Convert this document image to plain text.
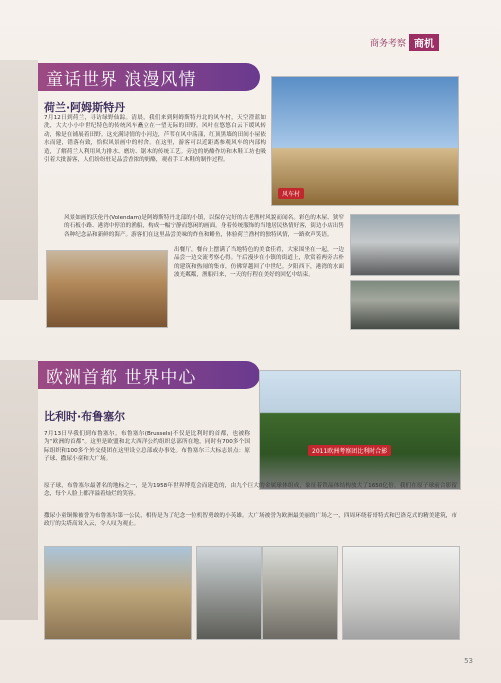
商务考察 商机
童话世界 浪漫风情
风车村
荷兰·阿姆斯特丹
7月12日到荷兰，寻访绿野仙踪。清晨，我们来到阿姆斯特丹北的风车村，天空澄蓝如洗，大大小小中世纪特色的传统风车矗立在一望无际的田野。风叶在悠悠白云下缓风转动，像是在铺展着田野。这充满诗情的小河边，芦苇在风中荡漾，红顶黑墙的田间小屋依水而建，错落有致，恰似风景画中的村舍。在这里，游客可以近距离参观风车的内部构造，了解荷兰人利用风力排水、磨坊、锯木的传统工艺。旁边的奶酪作坊和木鞋工坊也吸引着大批游客，人们纷纷驻足品尝香浓的奶酪，观看手工木鞋的制作过程。
风景如画的沃伦丹(Volendam)是阿姆斯特丹北部的小镇，以保存完好的古老渔村风貌而闻名。彩色的木屋、狭窄的石板小路、港湾中停泊的渔船，构成一幅宁静而悠闲的画面。身着传统服饰的当地居民热情好客，街边小店出售各种纪念品和新鲜的海产。游客们在这里品尝美味的炸鱼和鲱鱼，体验荷兰渔村的独特风情，一路欢声笑语。
出餐厅，餐台上摆满了当地特色的美食佳肴，大家围坐在一起，一边品尝一边交流考察心得。午后漫步在小镇的街道上，欣赏着两旁古朴的建筑和热闹的集市，仿佛穿越回了中世纪。夕阳西下，港湾的水面波光粼粼，渔船归来，一天的行程在美好的回忆中结束。
欧洲首都 世界中心
2011欧洲考察团比利时合影
比利时·布鲁塞尔
7月13日早我们到布鲁塞尔。布鲁塞尔(Brussels)不仅是比利时的首都，也被称为“欧洲的首都”。这里是欧盟和北大西洋公约组织总部所在地，同时有700多个国际组织和100多个外交使团在这里设立总部或办事处。布鲁塞尔三大标志景点：原子球、撒尿小童和大广场。
原子球，布鲁塞尔最著名的地标之一，是为1958年世界博览会而建造的，由九个巨大的金属球体组成，象征着铁晶体结构放大了1650亿倍。我们在原子球前合影留念，每个人脸上都洋溢着灿烂的笑容。
撒尿小童铜像被誉为布鲁塞尔第一公民，相传是为了纪念一位机智勇敢的小英雄。大广场被誉为欧洲最美丽的广场之一，四周环绕着哥特式和巴洛克式的精美建筑，市政厅的尖塔高耸入云，令人叹为观止。
53
